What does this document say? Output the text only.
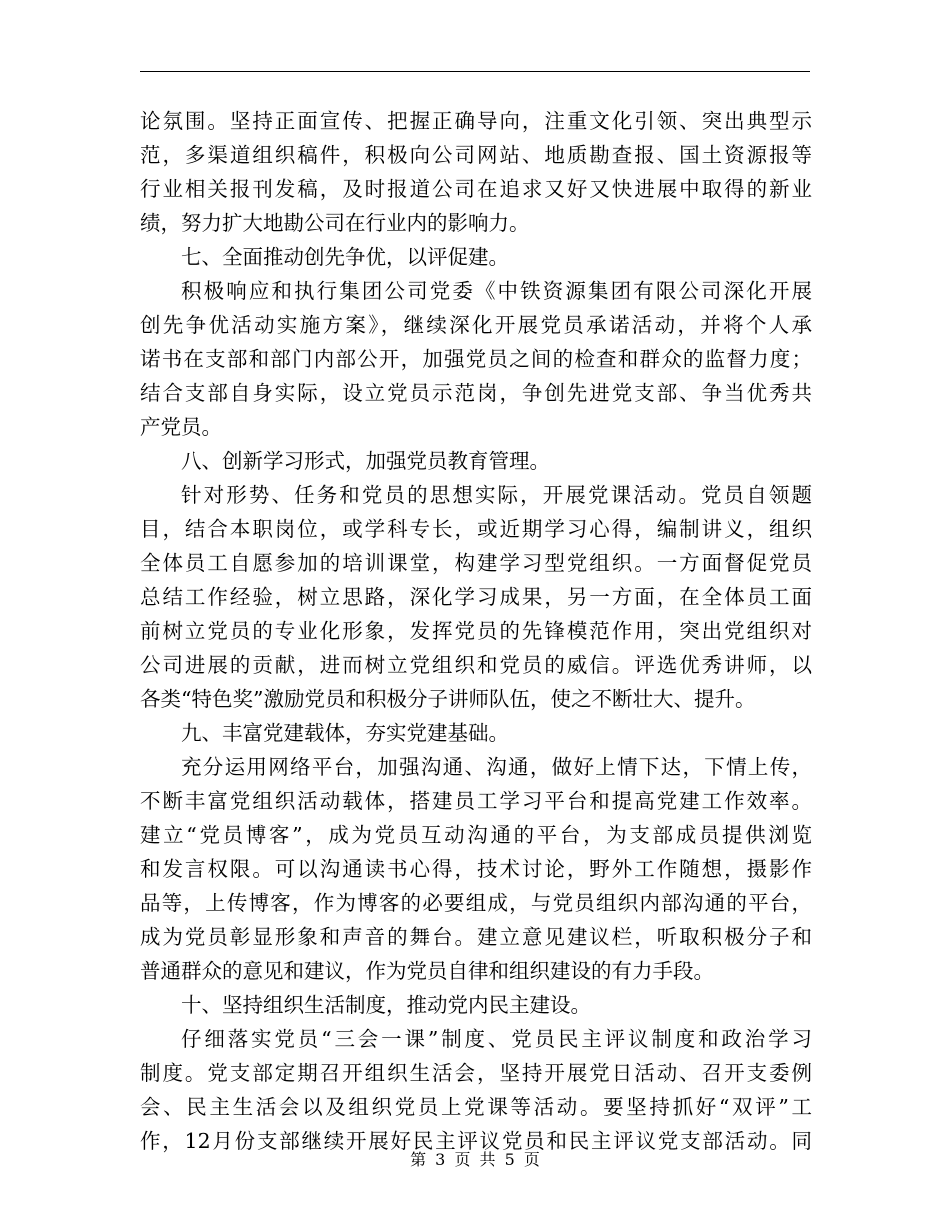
论氛围。坚持正面宣传、把握正确导向，注重文化引领、突出典型示
范，多渠道组织稿件，积极向公司网站、地质勘查报、国土资源报等
行业相关报刊发稿，及时报道公司在追求又好又快进展中取得的新业
绩，努力扩大地勘公司在行业内的影响力。
七、全面推动创先争优，以评促建。
积极响应和执行集团公司党委《中铁资源集团有限公司深化开展
创先争优活动实施方案》，继续深化开展党员承诺活动，并将个人承
诺书在支部和部门内部公开，加强党员之间的检查和群众的监督力度；
结合支部自身实际，设立党员示范岗，争创先进党支部、争当优秀共
产党员。
八、创新学习形式，加强党员教育管理。
针对形势、任务和党员的思想实际，开展党课活动。党员自领题
目，结合本职岗位，或学科专长，或近期学习心得，编制讲义，组织
全体员工自愿参加的培训课堂，构建学习型党组织。一方面督促党员
总结工作经验，树立思路，深化学习成果，另一方面，在全体员工面
前树立党员的专业化形象，发挥党员的先锋模范作用，突出党组织对
公司进展的贡献，进而树立党组织和党员的威信。评选优秀讲师，以
各类“特色奖”激励党员和积极分子讲师队伍，使之不断壮大、提升。
九、丰富党建载体，夯实党建基础。
充分运用网络平台，加强沟通、沟通，做好上情下达，下情上传，
不断丰富党组织活动载体，搭建员工学习平台和提高党建工作效率。
建立“党员博客”，成为党员互动沟通的平台，为支部成员提供浏览
和发言权限。可以沟通读书心得，技术讨论，野外工作随想，摄影作
品等，上传博客，作为博客的必要组成，与党员组织内部沟通的平台，
成为党员彰显形象和声音的舞台。建立意见建议栏，听取积极分子和
普通群众的意见和建议，作为党员自律和组织建设的有力手段。
十、坚持组织生活制度，推动党内民主建设。
仔细落实党员“三会一课”制度、党员民主评议制度和政治学习
制度。党支部定期召开组织生活会，坚持开展党日活动、召开支委例
会、民主生活会以及组织党员上党课等活动。要坚持抓好“双评”工
作，12月份支部继续开展好民主评议党员和民主评议党支部活动。同
第 3 页 共 5 页
